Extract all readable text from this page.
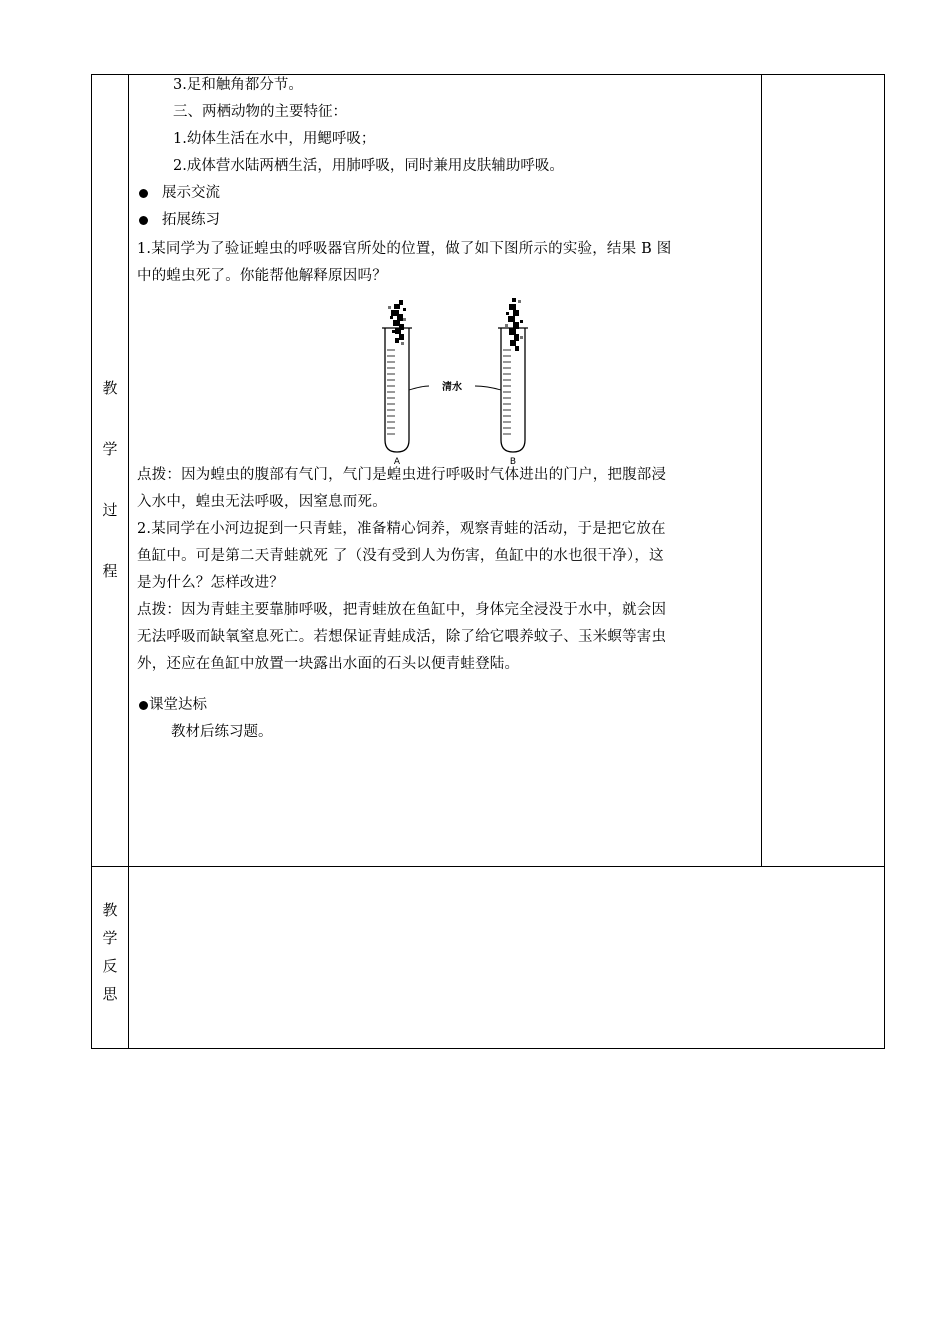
教
学
过
程
教
学
反
思
3.足和触角都分节。
三、两栖动物的主要特征：
1.幼体生活在水中，用鳃呼吸；
2.成体营水陆两栖生活，用肺呼吸，同时兼用皮肤辅助呼吸。
展示交流
拓展练习
1.某同学为了验证蝗虫的呼吸器官所处的位置，做了如下图所示的实验，结果 B 图
中的蝗虫死了。你能帮他解释原因吗？
清水
A	B
点拨：因为蝗虫的腹部有气门，气门是蝗虫进行呼吸时气体进出的门户，把腹部浸
入水中，蝗虫无法呼吸，因窒息而死。
2.某同学在小河边捉到一只青蛙，准备精心饲养，观察青蛙的活动，于是把它放在
鱼缸中。可是第二天青蛙就死 了（没有受到人为伤害，鱼缸中的水也很干净），这
是为什么？怎样改进？
点拨：因为青蛙主要靠肺呼吸，把青蛙放在鱼缸中，身体完全浸没于水中，就会因
无法呼吸而缺氧窒息死亡。若想保证青蛙成活，除了给它喂养蚊子、玉米螟等害虫
外，还应在鱼缸中放置一块露出水面的石头以便青蛙登陆。
课堂达标
教材后练习题。
